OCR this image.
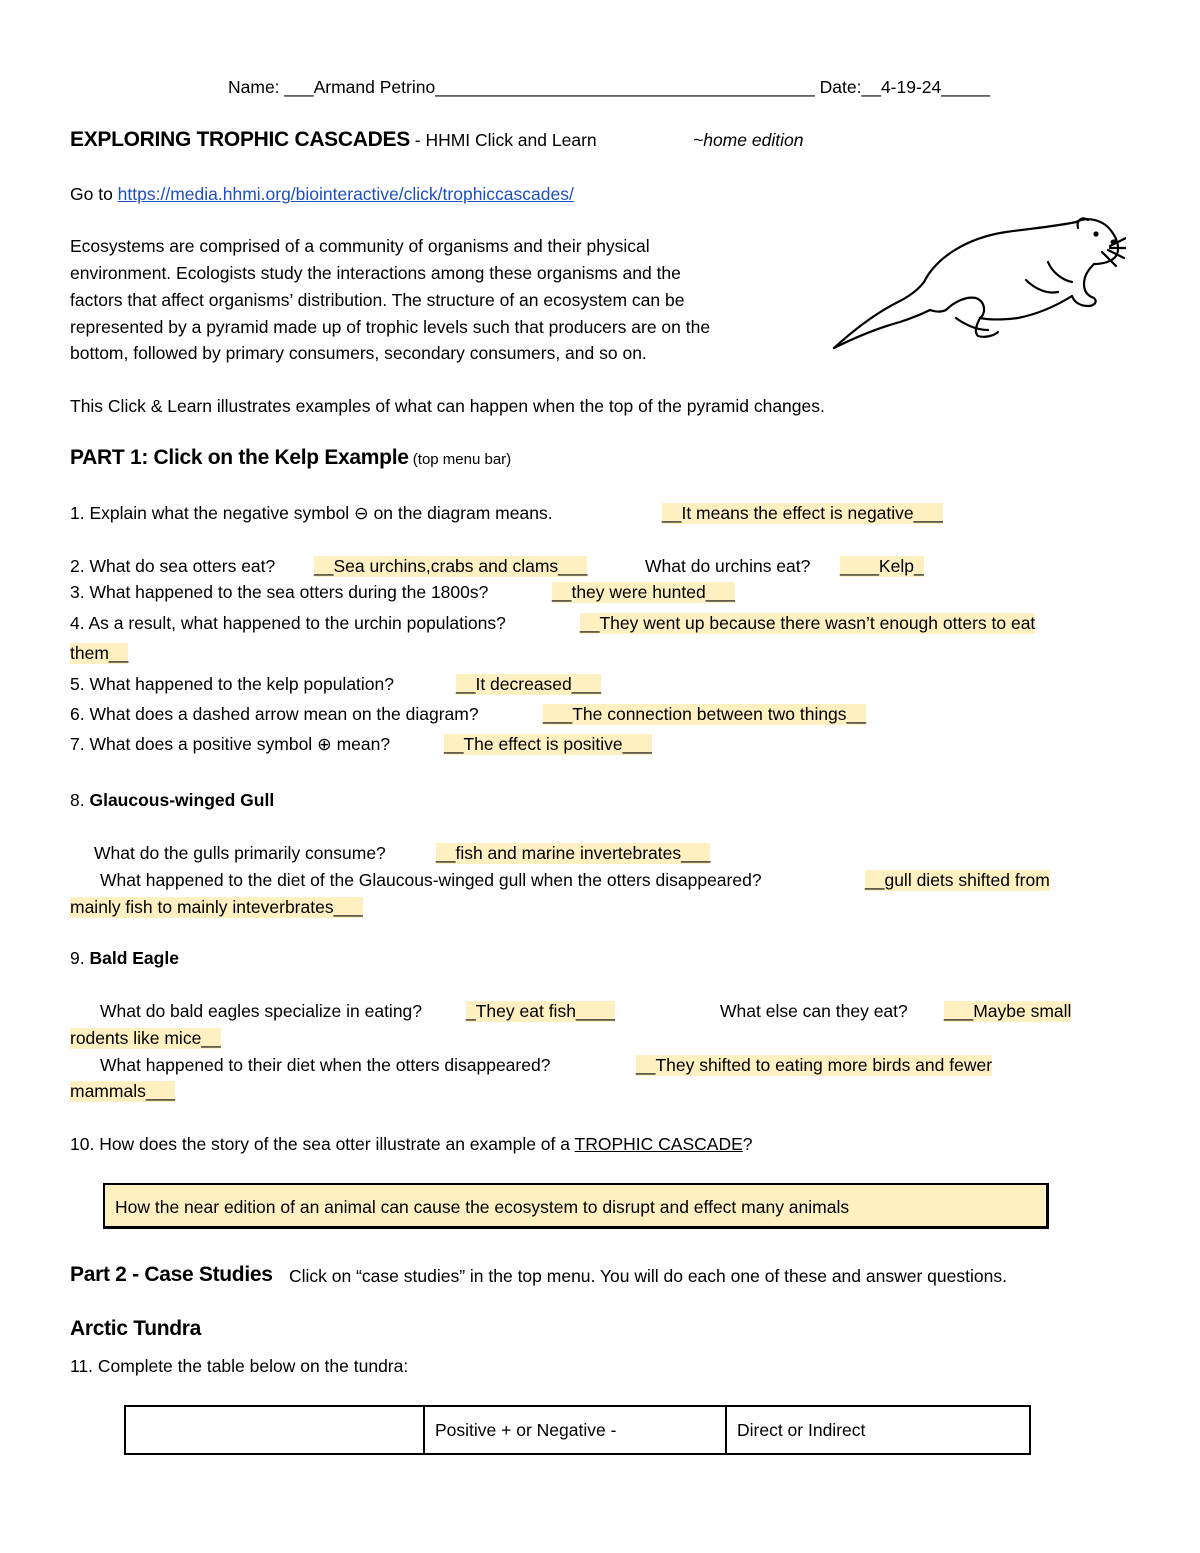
Name: ___Armand Petrino_______________________________________ Date:__4-19-24_____
EXPLORING TROPHIC CASCADES - HHMI Click and Learn	~home edition
Go to https://media.hhmi.org/biointeractive/click/trophiccascades/
Ecosystems are comprised of a community of organisms and their physical
environment. Ecologists study the interactions among these organisms and the
factors that affect organisms’ distribution. The structure of an ecosystem can be
represented by a pyramid made up of trophic levels such that producers are on the
bottom, followed by primary consumers, secondary consumers, and so on.
This Click & Learn illustrates examples of what can happen when the top of the pyramid changes.
PART 1: Click on the Kelp Example (top menu bar)
1. Explain what the negative symbol ⊖ on the diagram means.	__It means the effect is negative___
2. What do sea otters eat? __Sea urchins,crabs and clams___	What do urchins eat? ____Kelp_
3. What happened to the sea otters during the 1800s?	__they were hunted___
4. As a result, what happened to the urchin populations?	__They went up because there wasn’t enough otters to eat
them__
5. What happened to the kelp population?	__It decreased___
6. What does a dashed arrow mean on the diagram?	___The connection between two things__
7. What does a positive symbol ⊕ mean?	__The effect is positive___
8. Glaucous-winged Gull
What do the gulls primarily consume?	__fish and marine invertebrates___
What happened to the diet of the Glaucous-winged gull when the otters disappeared?	__gull diets shifted from
mainly fish to mainly inteverbrates___
9. Bald Eagle
What do bald eagles specialize in eating?	_They eat fish____	What else can they eat? ___Maybe small
rodents like mice__
What happened to their diet when the otters disappeared?	__They shifted to eating more birds and fewer
mammals___
10. How does the story of the sea otter illustrate an example of a TROPHIC CASCADE?
How the near edition of an animal can cause the ecosystem to disrupt and effect many animals
Part 2 - Case Studies Click on “case studies” in the top menu. You will do each one of these and answer questions.
Arctic Tundra
11. Complete the table below on the tundra:
	Positive + or Negative -	Direct or Indirect
